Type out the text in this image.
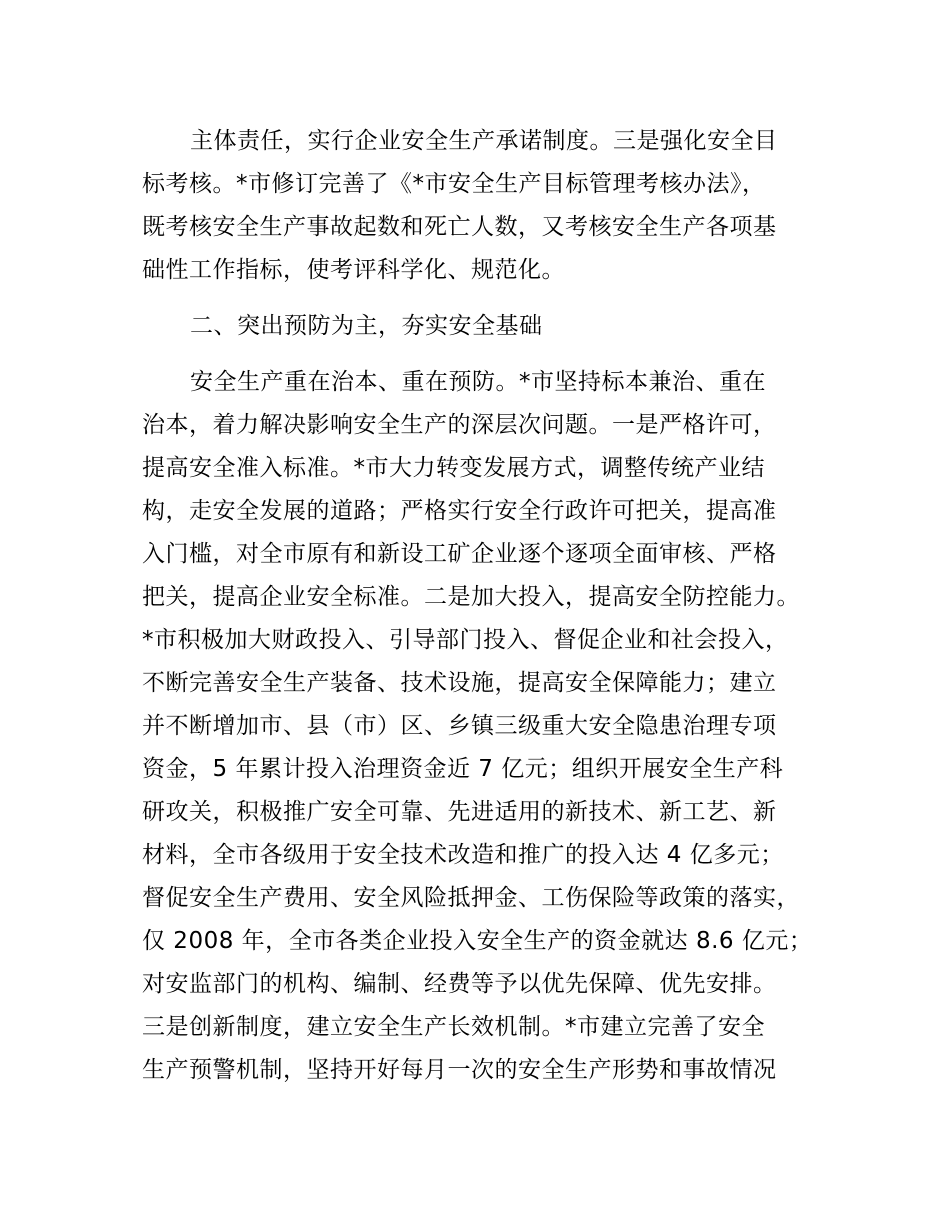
主体责任，实行企业安全生产承诺制度。三是强化安全目
标考核。*市修订完善了《*市安全生产目标管理考核办法》，
既考核安全生产事故起数和死亡人数，又考核安全生产各项基
础性工作指标，使考评科学化、规范化。
二、突出预防为主，夯实安全基础
安全生产重在治本、重在预防。*市坚持标本兼治、重在
治本，着力解决影响安全生产的深层次问题。一是严格许可，
提高安全准入标准。*市大力转变发展方式，调整传统产业结
构，走安全发展的道路；严格实行安全行政许可把关，提高准
入门槛，对全市原有和新设工矿企业逐个逐项全面审核、严格
把关，提高企业安全标准。二是加大投入，提高安全防控能力。
*市积极加大财政投入、引导部门投入、督促企业和社会投入，
不断完善安全生产装备、技术设施，提高安全保障能力；建立
并不断增加市、县（市）区、乡镇三级重大安全隐患治理专项
资金，5 年累计投入治理资金近 7 亿元；组织开展安全生产科
研攻关，积极推广安全可靠、先进适用的新技术、新工艺、新
材料，全市各级用于安全技术改造和推广的投入达 4 亿多元；
督促安全生产费用、安全风险抵押金、工伤保险等政策的落实，
仅 2008 年，全市各类企业投入安全生产的资金就达 8.6 亿元；
对安监部门的机构、编制、经费等予以优先保障、优先安排。
三是创新制度，建立安全生产长效机制。*市建立完善了安全
生产预警机制，坚持开好每月一次的安全生产形势和事故情况
